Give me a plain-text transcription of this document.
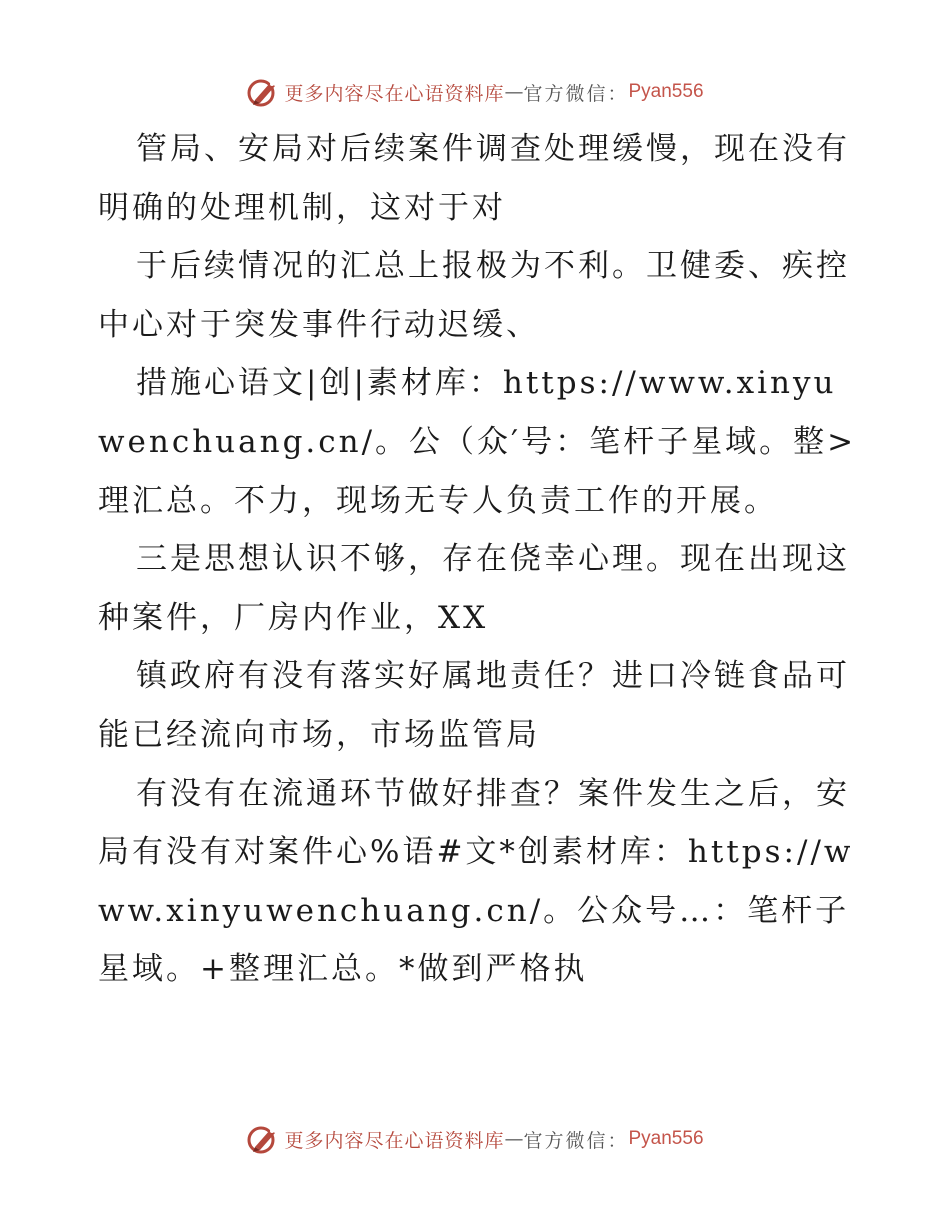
更多内容尽在心语资料库 — 官方微信： Pyan556

管局、安局对后续案件调查处理缓慢，现在没有明确的处理机制，这对于对

于后续情况的汇总上报极为不利。卫健委、疾控中心对于突发事件行动迟缓、

措施心语文|创|素材库：https://www.xinyuwenchuang.cn/。公（众′号：笔杆子星域。整>理汇总。不力，现场无专人负责工作的开展。

三是思想认识不够，存在侥幸心理。现在出现这种案件，厂房内作业，XX

镇政府有没有落实好属地责任？进口冷链食品可能已经流向市场，市场监管局

有没有在流通环节做好排查？案件发生之后，安局有没有对案件心%语#文*创素材库：https://www.xinyuwenchuang.cn/。公众号…：笔杆子星域。+整理汇总。*做到严格执

更多内容尽在心语资料库 — 官方微信： Pyan556
